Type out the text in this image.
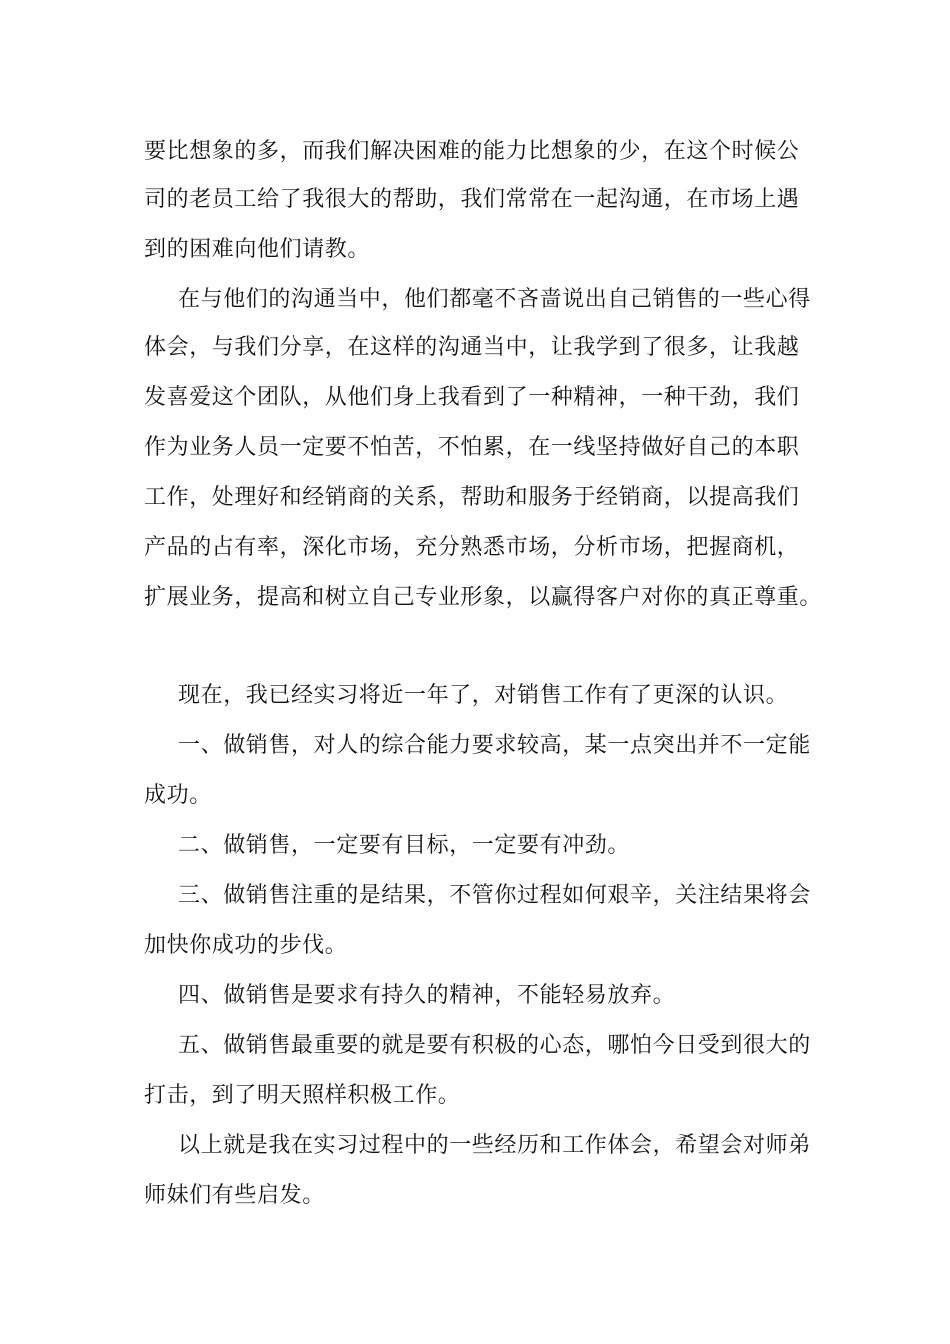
要比想象的多，而我们解决困难的能力比想象的少，在这个时候公
司的老员工给了我很大的帮助，我们常常在一起沟通，在市场上遇
到的困难向他们请教。
在与他们的沟通当中，他们都毫不吝啬说出自己销售的一些心得
体会，与我们分享，在这样的沟通当中，让我学到了很多，让我越
发喜爱这个团队，从他们身上我看到了一种精神，一种干劲，我们
作为业务人员一定要不怕苦，不怕累，在一线坚持做好自己的本职
工作，处理好和经销商的关系，帮助和服务于经销商，以提高我们
产品的占有率，深化市场，充分熟悉市场，分析市场，把握商机，
扩展业务，提高和树立自己专业形象，以赢得客户对你的真正尊重。
现在，我已经实习将近一年了，对销售工作有了更深的认识。
一、做销售，对人的综合能力要求较高，某一点突出并不一定能
成功。
二、做销售，一定要有目标，一定要有冲劲。
三、做销售注重的是结果，不管你过程如何艰辛，关注结果将会
加快你成功的步伐。
四、做销售是要求有持久的精神，不能轻易放弃。
五、做销售最重要的就是要有积极的心态，哪怕今日受到很大的
打击，到了明天照样积极工作。
以上就是我在实习过程中的一些经历和工作体会，希望会对师弟
师妹们有些启发。
